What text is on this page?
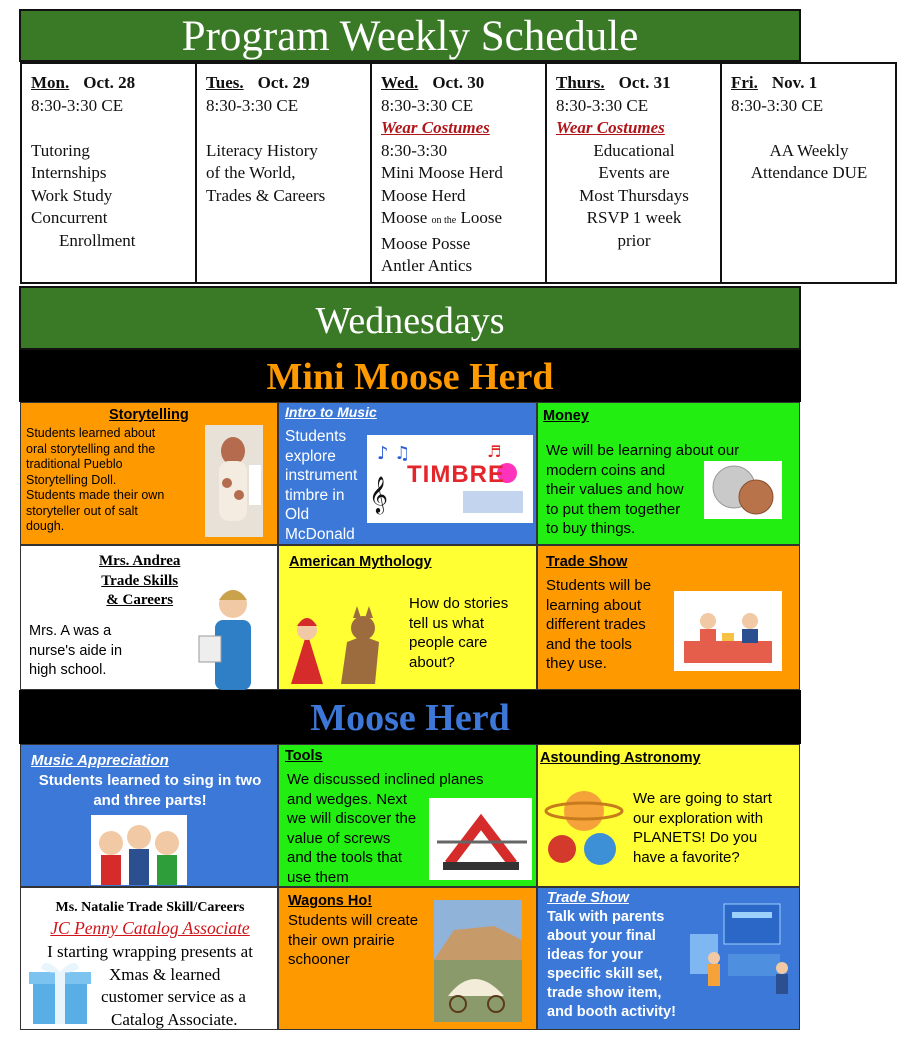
Program Weekly Schedule
Mon. Oct. 28
8:30-3:30 CE

Tutoring
Internships
Work Study
Concurrent
Enrollment

Tues. Oct. 29
8:30-3:30 CE

Literacy History
of the World,
Trades & Careers

Wed. Oct. 30
8:30-3:30 CE
Wear Costumes
8:30-3:30
Mini Moose Herd
Moose Herd
Moose on the Loose
Moose Posse
Antler Antics

Thurs. Oct. 31
8:30-3:30 CE
Wear Costumes
Educational
Events are
Most Thursdays
RSVP 1 week
prior

Fri. Nov. 1
8:30-3:30 CE

AA Weekly
Attendance DUE
Wednesdays
Mini Moose Herd
Storytelling
Students learned about
oral storytelling and the
traditional Pueblo
Storytelling Doll.
Students made their own
storyteller out of salt
dough.
Intro to Music
Students
explore
instrument
timbre in
Old
McDonald
♪ ♫	♬
𝄞
TIMBRE
Money
We will be learning about our
modern coins and
their values and how
to put them together
to buy things.
Mrs. Andrea
Trade Skills
& Careers
Mrs. A was a
nurse's aide in
high school.
American Mythology
How do stories
tell us what
people care
about?
Trade Show
Students will be
learning about
different trades
and the tools
they use.
Moose Herd
Music Appreciation
Students learned to sing in two
and three parts!
Tools
We discussed inclined planes
and wedges. Next
we will discover the
value of screws
and the tools that
use them
Astounding Astronomy
We are going to start
our exploration with
PLANETS! Do you
have a favorite?
Ms. Natalie Trade Skill/Careers
JC Penny Catalog Associate
I starting wrapping presents at
Xmas & learned
customer service as a
Catalog Associate.
Wagons Ho!
Students will create
their own prairie
schooner
Trade Show
Talk with parents
about your final
ideas for your
specific skill set,
trade show item,
and booth activity!
